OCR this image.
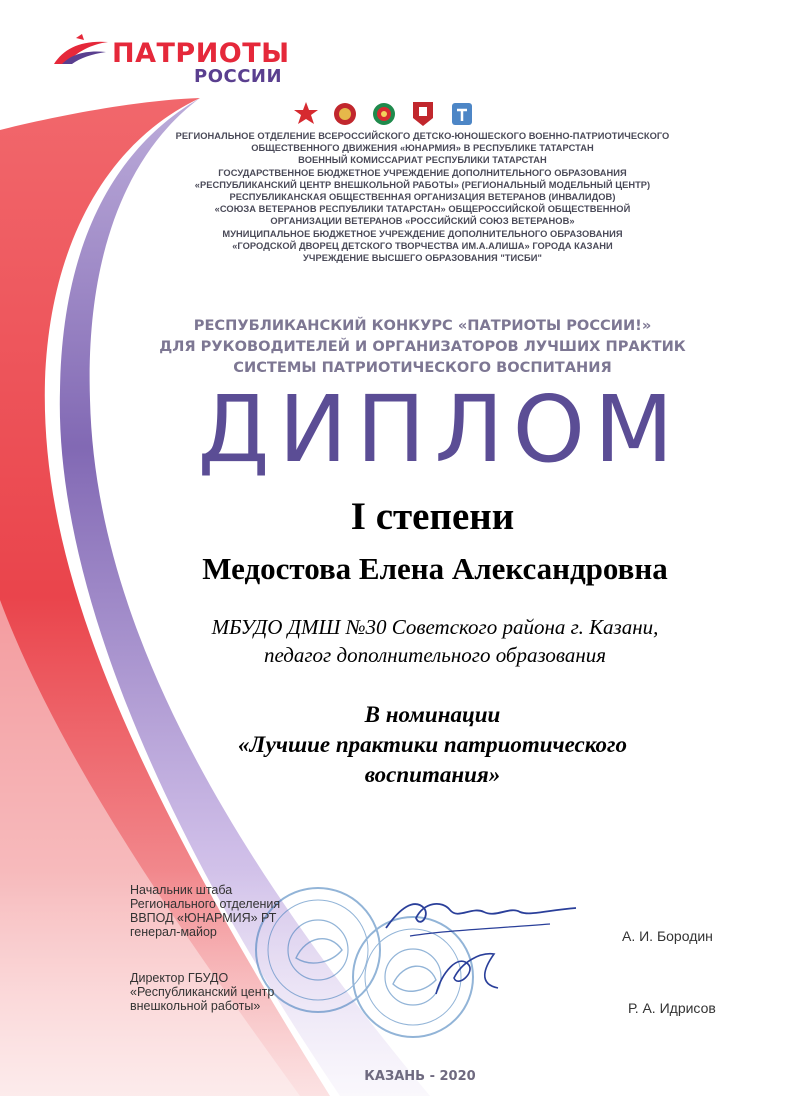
ПАТРИОТЫ
РОССИИ
РЕГИОНАЛЬНОЕ ОТДЕЛЕНИЕ ВСЕРОССИЙСКОГО ДЕТСКО-ЮНОШЕСКОГО ВОЕННО-ПАТРИОТИЧЕСКОГО
ОБЩЕСТВЕННОГО ДВИЖЕНИЯ «ЮНАРМИЯ» В РЕСПУБЛИКЕ ТАТАРСТАН
ВОЕННЫЙ КОМИССАРИАТ РЕСПУБЛИКИ ТАТАРСТАН
ГОСУДАРСТВЕННОЕ БЮДЖЕТНОЕ УЧРЕЖДЕНИЕ ДОПОЛНИТЕЛЬНОГО ОБРАЗОВАНИЯ
«РЕСПУБЛИКАНСКИЙ ЦЕНТР ВНЕШКОЛЬНОЙ РАБОТЫ» (РЕГИОНАЛЬНЫЙ МОДЕЛЬНЫЙ ЦЕНТР)
РЕСПУБЛИКАНСКАЯ ОБЩЕСТВЕННАЯ ОРГАНИЗАЦИЯ ВЕТЕРАНОВ (ИНВАЛИДОВ)
«СОЮЗА ВЕТЕРАНОВ РЕСПУБЛИКИ ТАТАРСТАН» ОБЩЕРОССИЙСКОЙ ОБЩЕСТВЕННОЙ
ОРГАНИЗАЦИИ ВЕТЕРАНОВ «РОССИЙСКИЙ СОЮЗ ВЕТЕРАНОВ»
МУНИЦИПАЛЬНОЕ БЮДЖЕТНОЕ УЧРЕЖДЕНИЕ ДОПОЛНИТЕЛЬНОГО ОБРАЗОВАНИЯ
«ГОРОДСКОЙ ДВОРЕЦ ДЕТСКОГО ТВОРЧЕСТВА ИМ.А.АЛИША» ГОРОДА КАЗАНИ
УЧРЕЖДЕНИЕ ВЫСШЕГО ОБРАЗОВАНИЯ "ТИСБИ"
РЕСПУБЛИКАНСКИЙ КОНКУРС «ПАТРИОТЫ РОССИИ!»
ДЛЯ РУКОВОДИТЕЛЕЙ И ОРГАНИЗАТОРОВ ЛУЧШИХ ПРАКТИК
СИСТЕМЫ ПАТРИОТИЧЕСКОГО ВОСПИТАНИЯ
ДИПЛОМ
I степени
Медостова Елена Александровна
МБУДО ДМШ №30 Советского района г. Казани,
педагог дополнительного образования
В номинации
«Лучшие практики патриотического
воспитания»
Начальник штаба
Регионального отделения
ВВПОД «ЮНАРМИЯ» РТ
генерал-майор	А. И. Бородин
Директор ГБУДО
«Республиканский центр
внешкольной работы»	Р. А. Идрисов
КАЗАНЬ - 2020
